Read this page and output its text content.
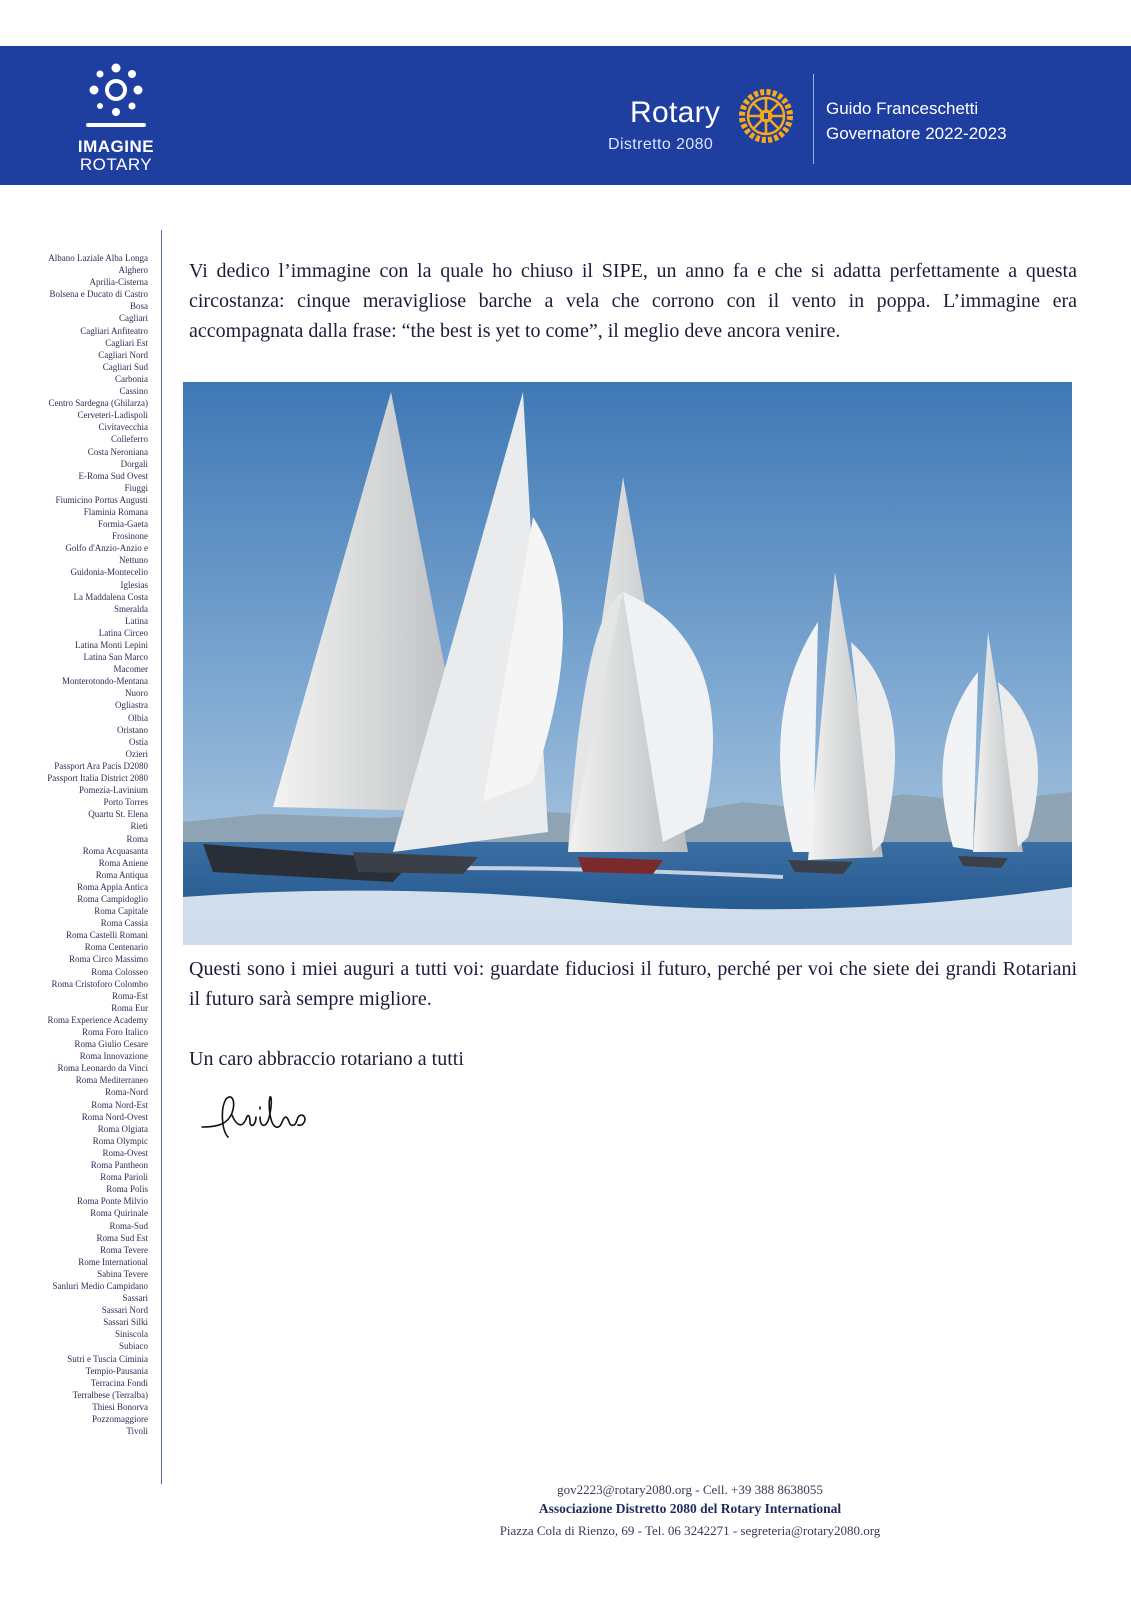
IMAGINE
ROTARY
Rotary
Distretto 2080
Guido Franceschetti
Governatore 2022-2023
Albano Laziale Alba Longa
Alghero
Aprilia-Cisterna
Bolsena e Ducato di Castro
Bosa
Cagliari
Cagliari Anfiteatro
Cagliari Est
Cagliari Nord
Cagliari Sud
Carbonia
Cassino
Centro Sardegna (Ghilarza)
Cerveteri-Ladispoli
Civitavecchia
Colleferro
Costa Neroniana
Dorgali
E-Roma Sud Ovest
Fiuggi
Fiumicino Portus Augusti
Flaminia Romana
Formia-Gaeta
Frosinone
Golfo d'Anzio-Anzio e
Nettuno
Guidonia-Montecelio
Iglesias
La Maddalena Costa
Smeralda
Latina
Latina Circeo
Latina Monti Lepini
Latina San Marco
Macomer
Monterotondo-Mentana
Nuoro
Ogliastra
Olbia
Oristano
Ostia
Ozieri
Passport Ara Pacis D2080
Passport Italia District 2080
Pomezia-Lavinium
Porto Torres
Quartu St. Elena
Rieti
Roma
Roma Acquasanta
Roma Aniene
Roma Antiqua
Roma Appia Antica
Roma Campidoglio
Roma Capitale
Roma Cassia
Roma Castelli Romani
Roma Centenario
Roma Circo Massimo
Roma Colosseo
Roma Cristoforo Colombo
Roma-Est
Roma Eur
Roma Experience Academy
Roma Foro Italico
Roma Giulio Cesare
Roma Innovazione
Roma Leonardo da Vinci
Roma Mediterraneo
Roma-Nord
Roma Nord-Est
Roma Nord-Ovest
Roma Olgiata
Roma Olympic
Roma-Ovest
Roma Pantheon
Roma Parioli
Roma Polis
Roma Ponte Milvio
Roma Quirinale
Roma-Sud
Roma Sud Est
Roma Tevere
Rome International
Sabina Tevere
Sanluri Medio Campidano
Sassari
Sassari Nord
Sassari Silki
Siniscola
Subiaco
Sutri e Tuscia Ciminia
Tempio-Pausania
Terracina Fondi
Terralbese (Terralba)
Thiesi Bonorva
Pozzomaggiore
Tivoli

Vi dedico l’immagine con la quale ho chiuso il SIPE, un anno fa e che si adatta perfettamente a questa circostanza: cinque meravigliose barche a vela che corrono con il vento in poppa. L’immagine era accompagnata dalla frase: “the best is yet to come”, il meglio deve ancora venire.

Questi sono i miei auguri a tutti voi: guardate fiduciosi il futuro, perché per voi che siete dei grandi Rotariani il futuro sarà sempre migliore.

Un caro abbraccio rotariano a tutti

gov2223@rotary2080.org - Cell. +39 388 8638055
Associazione Distretto 2080 del Rotary International
Piazza Cola di Rienzo, 69 - Tel. 06 3242271 - segreteria@rotary2080.org
